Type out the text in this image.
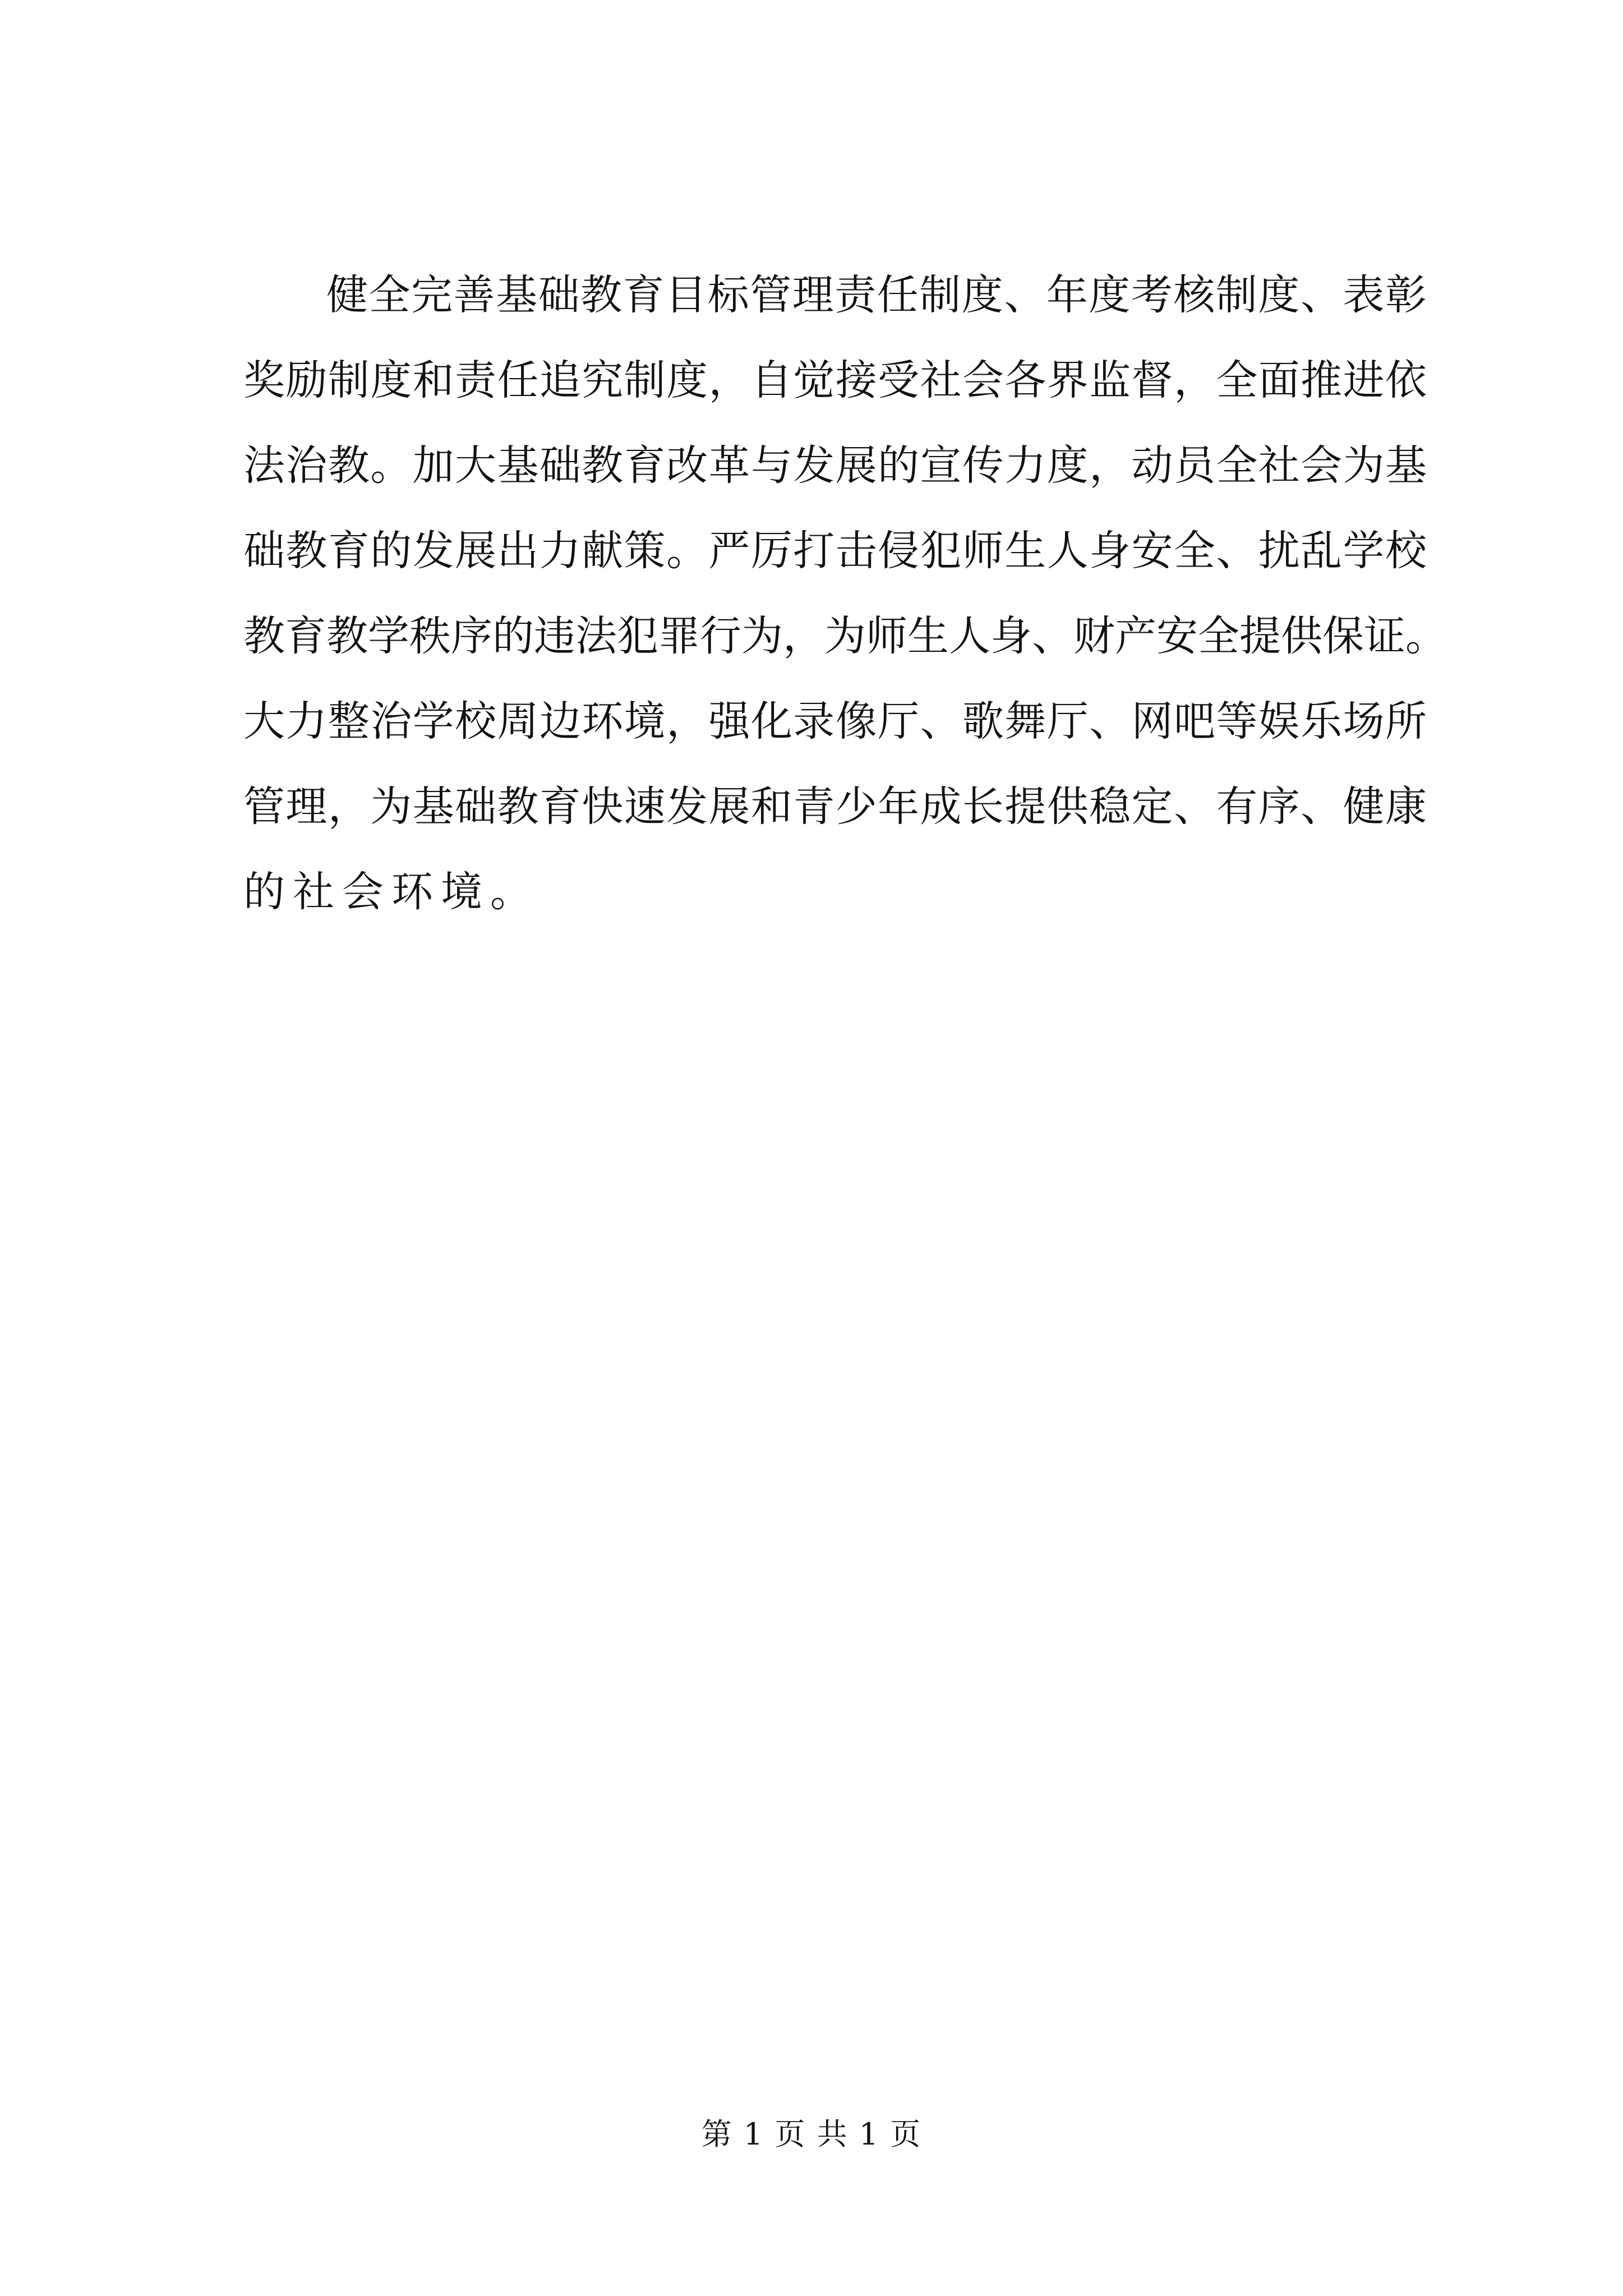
健全完善基础教育目标管理责任制度、年度考核制度、表彰
奖励制度和责任追究制度，自觉接受社会各界监督，全面推进依
法治教。加大基础教育改革与发展的宣传力度，动员全社会为基
础教育的发展出力献策。严厉打击侵犯师生人身安全、扰乱学校
教育教学秩序的违法犯罪行为，为师生人身、财产安全提供保证。
大力整治学校周边环境，强化录像厅、歌舞厅、网吧等娱乐场所
管理，为基础教育快速发展和青少年成长提供稳定、有序、健康
的社会环境。
第 1 页 共 1 页
